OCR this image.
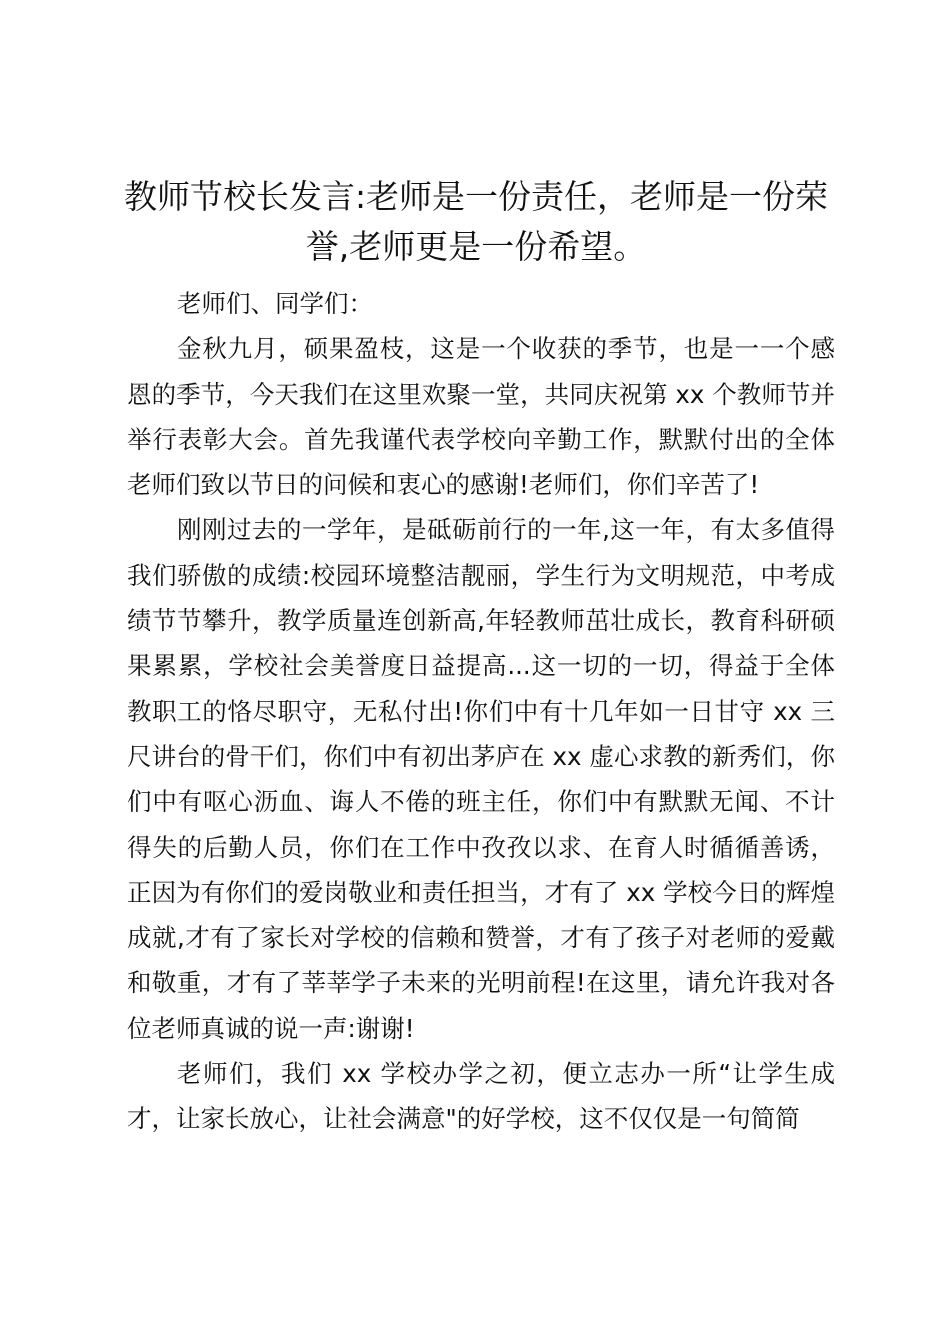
教师节校长发言:老师是一份责任，老师是一份荣誉,老师更是一份希望。

老师们、同学们：

金秋九月，硕果盈枝，这是一个收获的季节，也是一一个感恩的季节，今天我们在这里欢聚一堂，共同庆祝第 xx 个教师节并举行表彰大会。首先我谨代表学校向辛勤工作，默默付出的全体老师们致以节日的问候和衷心的感谢!老师们，你们辛苦了!

刚刚过去的一学年，是砥砺前行的一年,这一年，有太多值得我们骄傲的成绩:校园环境整洁靓丽，学生行为文明规范，中考成绩节节攀升，教学质量连创新高,年轻教师茁壮成长，教育科研硕果累累，学校社会美誉度日益提高...这一切的一切，得益于全体教职工的恪尽职守，无私付出!你们中有十几年如一日甘守 xx 三尺讲台的骨干们，你们中有初出茅庐在 xx 虚心求教的新秀们，你们中有呕心沥血、诲人不倦的班主任，你们中有默默无闻、不计得失的后勤人员，你们在工作中孜孜以求、在育人时循循善诱，正因为有你们的爱岗敬业和责任担当，才有了 xx 学校今日的辉煌成就,才有了家长对学校的信赖和赞誉，才有了孩子对老师的爱戴和敬重，才有了莘莘学子未来的光明前程!在这里，请允许我对各位老师真诚的说一声:谢谢!

老师们，我们 xx 学校办学之初，便立志办一所“让学生成才，让家长放心，让社会满意"的好学校，这不仅仅是一句简简
